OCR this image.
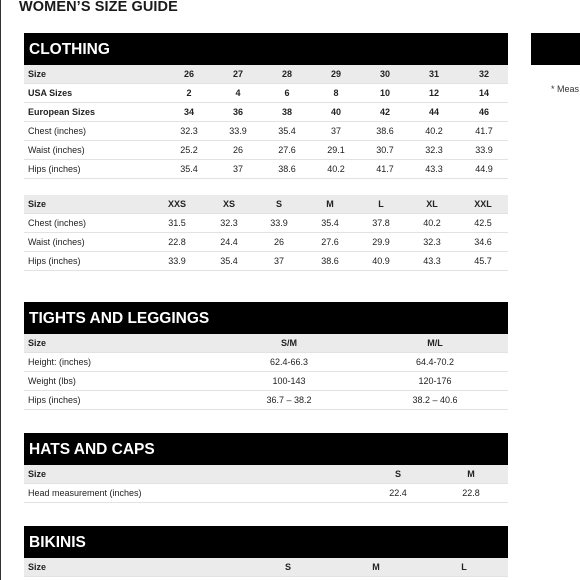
WOMEN’S SIZE GUIDE
CLOTHING
Size	26	27	28	29	30	31	32
USA Sizes	2	4	6	8	10	12	14
European Sizes	34	36	38	40	42	44	46
Chest (inches)	32.3	33.9	35.4	37	38.6	40.2	41.7
Waist (inches)	25.2	26	27.6	29.1	30.7	32.3	33.9
Hips (inches)	35.4	37	38.6	40.2	41.7	43.3	44.9
Size	XXS	XS	S	M	L	XL	XXL
Chest (inches)	31.5	32.3	33.9	35.4	37.8	40.2	42.5
Waist (inches)	22.8	24.4	26	27.6	29.9	32.3	34.6
Hips (inches)	33.9	35.4	37	38.6	40.9	43.3	45.7
TIGHTS AND LEGGINGS
Size	S/M	M/L
Height: (inches)	62.4-66.3	64.4-70.2
Weight (lbs)	100-143	120-176
Hips (inches)	36.7 – 38.2	38.2 – 40.6
HATS AND CAPS
Size	S	M
Head measurement (inches)	22.4	22.8
BIKINIS
Size	S	M	L
* Meas
